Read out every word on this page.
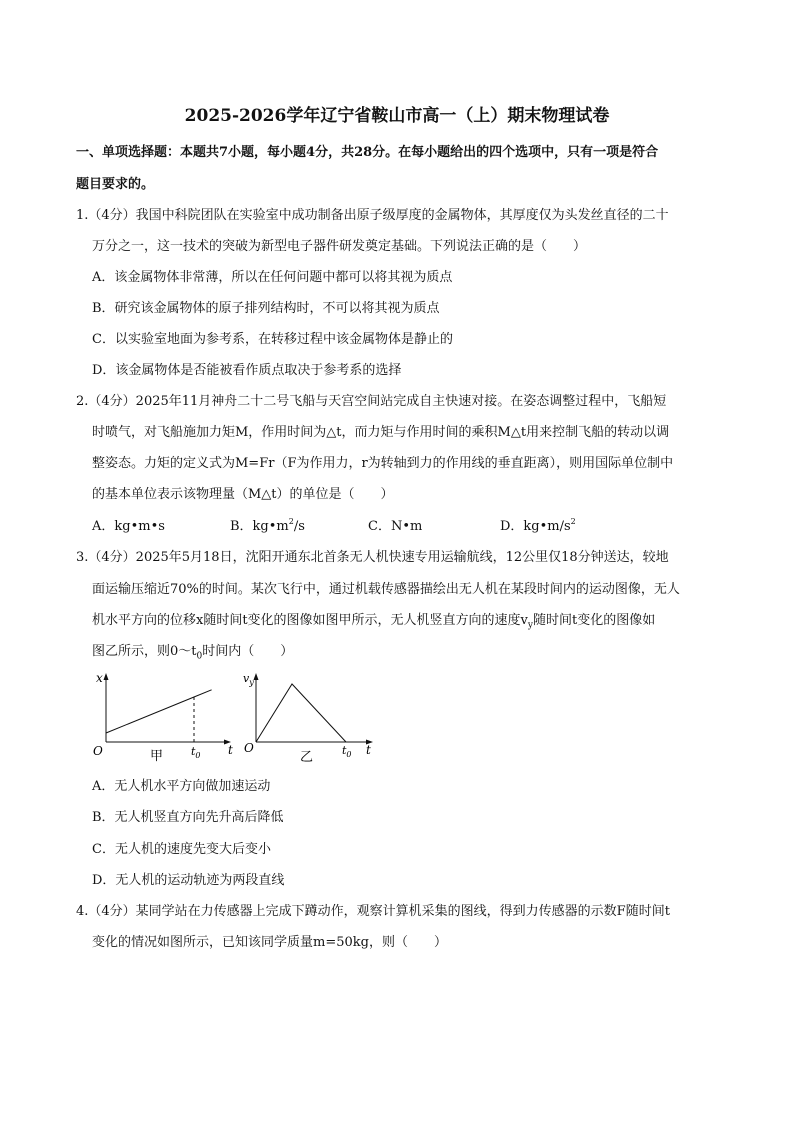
2025-2026学年辽宁省鞍山市高一（上）期末物理试卷
一、单项选择题：本题共7小题，每小题4分，共28分。在每小题给出的四个选项中，只有一项是符合
题目要求的。
1.（4分）我国中科院团队在实验室中成功制备出原子级厚度的金属物体，其厚度仅为头发丝直径的二十
万分之一，这一技术的突破为新型电子器件研发奠定基础。下列说法正确的是（　　）
A．该金属物体非常薄，所以在任何问题中都可以将其视为质点
B．研究该金属物体的原子排列结构时，不可以将其视为质点
C．以实验室地面为参考系，在转移过程中该金属物体是静止的
D．该金属物体是否能被看作质点取决于参考系的选择
2.（4分）2025年11月神舟二十二号飞船与天宫空间站完成自主快速对接。在姿态调整过程中，飞船短
时喷气，对飞船施加力矩M，作用时间为△t，而力矩与作用时间的乘积M△t用来控制飞船的转动以调
整姿态。力矩的定义式为M=Fr（F为作用力，r为转轴到力的作用线的垂直距离），则用国际单位制中
的基本单位表示该物理量（M△t）的单位是（　　）
A．kg•m•s	B．$kg•m^2/s$	C．N•m	D．$kg•m/s^2$
3.（4分）2025年5月18日，沈阳开通东北首条无人机快速专用运输航线，12公里仅18分钟送达，较地
面运输压缩近70%的时间。某次飞行中，通过机载传感器描绘出无人机在某段时间内的运动图像，无人
机水平方向的位移x随时间t变化的图像如图甲所示，无人机竖直方向的速度$v_y$随时间t变化的图像如
图乙所示，则$0\sim t_0$时间内（　　）
x
t
O	$t_0$
甲
$v_y$
t
O	$t_0$
乙
A．无人机水平方向做加速运动
B．无人机竖直方向先升高后降低
C．无人机的速度先变大后变小
D．无人机的运动轨迹为两段直线
4.（4分）某同学站在力传感器上完成下蹲动作，观察计算机采集的图线，得到力传感器的示数F随时间t
变化的情况如图所示，已知该同学质量m=50kg，则（　　）
